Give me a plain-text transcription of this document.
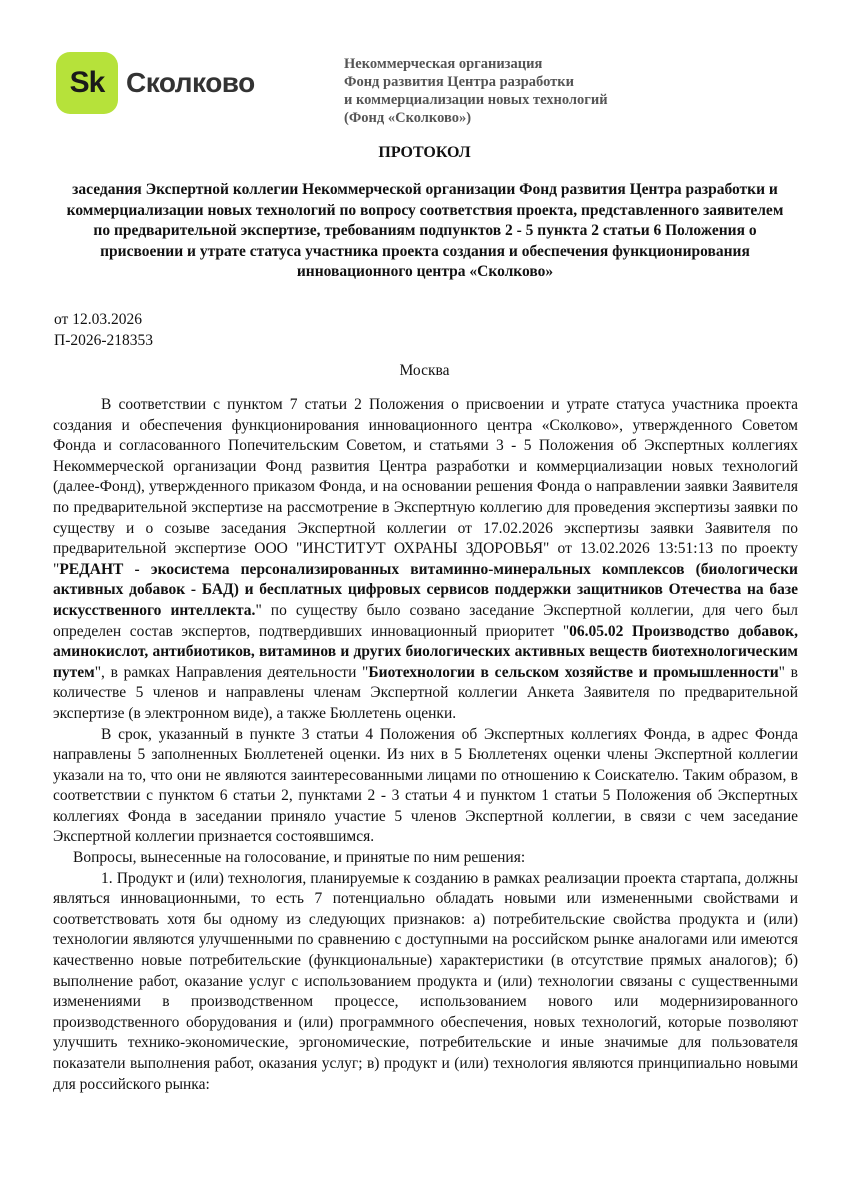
Sk Сколково
Некоммерческая организация
Фонд развития Центра разработки
и коммерциализации новых технологий
(Фонд «Сколково»)
ПРОТОКОЛ
заседания Экспертной коллегии Некоммерческой организации Фонд развития Центра разработки и коммерциализации новых технологий по вопросу соответствия проекта, представленного заявителем по предварительной экспертизе, требованиям подпунктов 2 - 5 пункта 2 статьи 6 Положения о присвоении и утрате статуса участника проекта создания и обеспечения функционирования инновационного центра «Сколково»
от 12.03.2026
П-2026-218353
Москва

В соответствии с пунктом 7 статьи 2 Положения о присвоении и утрате статуса участника проекта создания и обеспечения функционирования инновационного центра «Сколково», утвержденного Советом Фонда и согласованного Попечительским Советом, и статьями 3 - 5 Положения об Экспертных коллегиях Некоммерческой организации Фонд развития Центра разработки и коммерциализации новых технологий (далее-Фонд), утвержденного приказом Фонда, и на основании решения Фонда о направлении заявки Заявителя по предварительной экспертизе на рассмотрение в Экспертную коллегию для проведения экспертизы заявки по существу и о созыве заседания Экспертной коллегии от 17.02.2026 экспертизы заявки Заявителя по предварительной экспертизе ООО "ИНСТИТУТ ОХРАНЫ ЗДОРОВЬЯ" от 13.02.2026 13:51:13 по проекту "РЕДАНТ - экосистема персонализированных витаминно-минеральных комплексов (биологически активных добавок - БАД) и бесплатных цифровых сервисов поддержки защитников Отечества на базе искусственного интеллекта." по существу было созвано заседание Экспертной коллегии, для чего был определен состав экспертов, подтвердивших инновационный приоритет "06.05.02 Производство добавок, аминокислот, антибиотиков, витаминов и других биологических активных веществ биотехнологическим путем", в рамках Направления деятельности "Биотехнологии в сельском хозяйстве и промышленности" в количестве 5 членов и направлены членам Экспертной коллегии Анкета Заявителя по предварительной экспертизе (в электронном виде), а также Бюллетень оценки.

В срок, указанный в пункте 3 статьи 4 Положения об Экспертных коллегиях Фонда, в адрес Фонда направлены 5 заполненных Бюллетеней оценки. Из них в 5 Бюллетенях оценки члены Экспертной коллегии указали на то, что они не являются заинтересованными лицами по отношению к Соискателю. Таким образом, в соответствии с пунктом 6 статьи 2, пунктами 2 - 3 статьи 4 и пунктом 1 статьи 5 Положения об Экспертных коллегиях Фонда в заседании приняло участие 5 членов Экспертной коллегии, в связи с чем заседание Экспертной коллегии признается состоявшимся.

Вопросы, вынесенные на голосование, и принятые по ним решения:

1. Продукт и (или) технология, планируемые к созданию в рамках реализации проекта стартапа, должны являться инновационными, то есть 7 потенциально обладать новыми или измененными свойствами и соответствовать хотя бы одному из следующих признаков: а) потребительские свойства продукта и (или) технологии являются улучшенными по сравнению с доступными на российском рынке аналогами или имеются качественно новые потребительские (функциональные) характеристики (в отсутствие прямых аналогов); б) выполнение работ, оказание услуг с использованием продукта и (или) технологии связаны с существенными изменениями в производственном процессе, использованием нового или модернизированного производственного оборудования и (или) программного обеспечения, новых технологий, которые позволяют улучшить технико-экономические, эргономические, потребительские и иные значимые для пользователя показатели выполнения работ, оказания услуг; в) продукт и (или) технология являются принципиально новыми для российского рынка:
